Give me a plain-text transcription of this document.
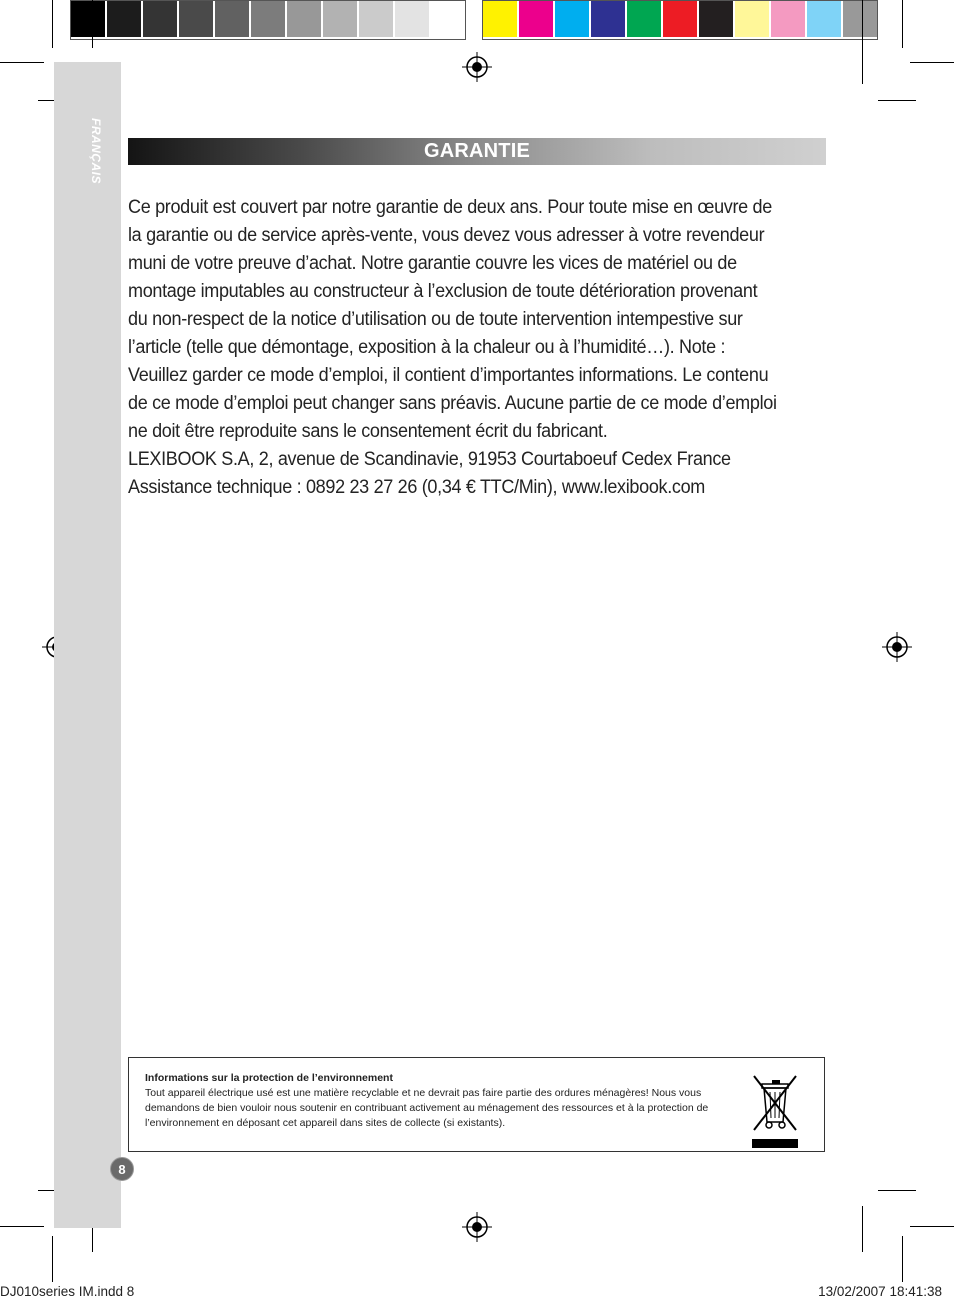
FRANÇAIS	GARANTIE

Ce produit est couvert par notre garantie de deux ans. Pour toute mise en œuvre de la garantie ou de service après-vente, vous devez vous adresser à votre revendeur muni de votre preuve d’achat. Notre garantie couvre les vices de matériel ou de montage imputables au constructeur à l’exclusion de toute détérioration provenant du non-respect de la notice d’utilisation ou de toute intervention intempestive sur l’article (telle que démontage, exposition à la chaleur ou à l’humidité…). Note : Veuillez garder ce mode d’emploi, il contient d’importantes informations. Le contenu de ce mode d’emploi peut changer sans préavis. Aucune partie de ce mode d’emploi ne doit être reproduite sans le consentement écrit du fabricant.

LEXIBOOK S.A, 2, avenue de Scandinavie, 91953 Courtaboeuf Cedex France

Assistance technique : 0892 23 27 26 (0,34 € TTC/Min), www.lexibook.com

Informations sur la protection de l’environnement
Tout appareil électrique usé est une matière recyclable et ne devrait pas faire partie des ordures ménagères! Nous vous demandons de bien vouloir nous soutenir en contribuant activement au ménagement des ressources et à la protection de l’environnement en déposant cet appareil dans sites de collecte (si existants).
8
DJ010series IM.indd 8	13/02/2007 18:41:38
